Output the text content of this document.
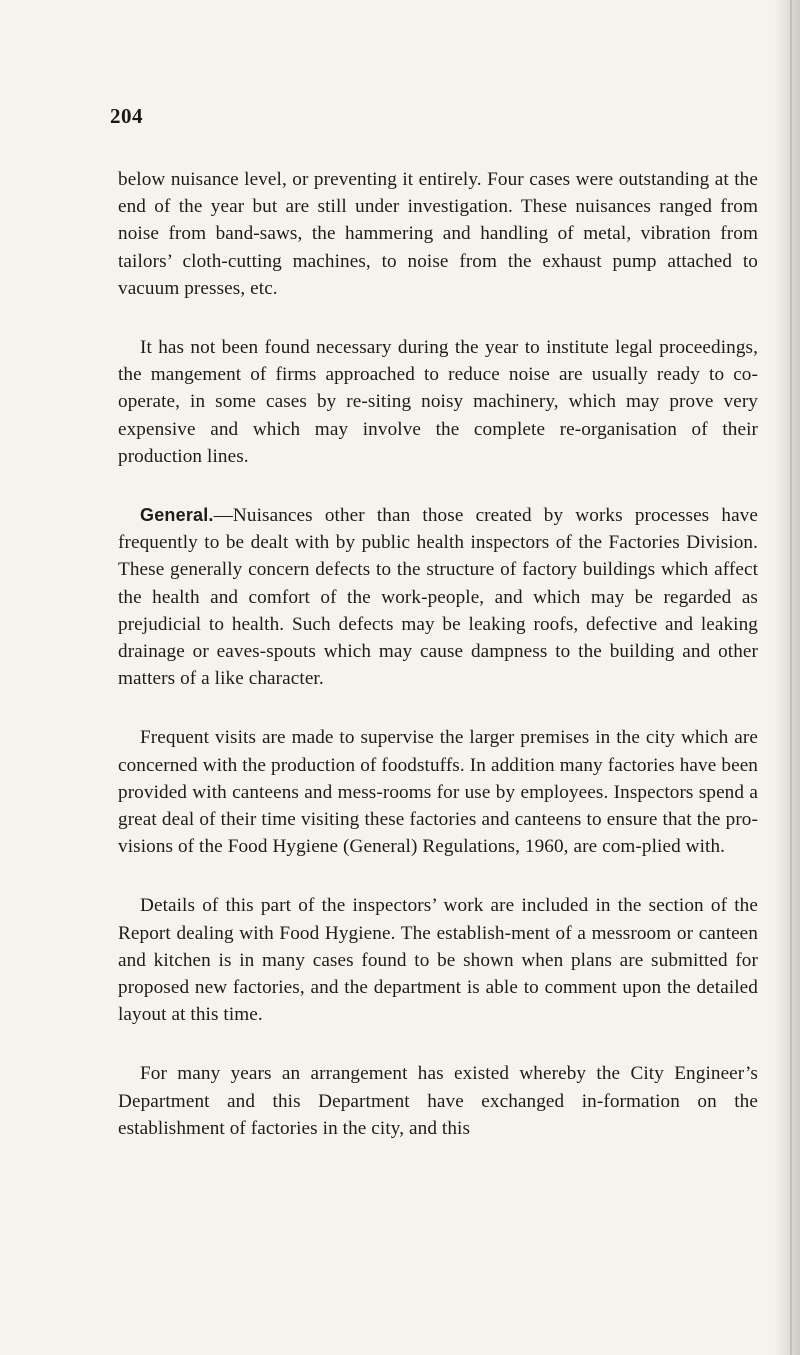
204

below nuisance level, or preventing it entirely. Four cases were outstanding at the end of the year but are still under investigation. These nuisances ranged from noise from band-saws, the hammering and handling of metal, vibration from tailors’ cloth-cutting machines, to noise from the exhaust pump attached to vacuum presses, etc.

It has not been found necessary during the year to institute legal proceedings, the mangement of firms approached to reduce noise are usually ready to co-operate, in some cases by re-siting noisy machinery, which may prove very expensive and which may involve the complete re-organisation of their production lines.

General.—Nuisances other than those created by works processes have frequently to be dealt with by public health inspectors of the Factories Division. These generally concern defects to the structure of factory buildings which affect the health and comfort of the work-people, and which may be regarded as prejudicial to health. Such defects may be leaking roofs, defective and leaking drainage or eaves-spouts which may cause dampness to the building and other matters of a like character.

Frequent visits are made to supervise the larger premises in the city which are concerned with the production of foodstuffs. In addition many factories have been provided with canteens and mess-rooms for use by employees. Inspectors spend a great deal of their time visiting these factories and canteens to ensure that the pro-visions of the Food Hygiene (General) Regulations, 1960, are com-plied with.

Details of this part of the inspectors’ work are included in the section of the Report dealing with Food Hygiene. The establish-ment of a messroom or canteen and kitchen is in many cases found to be shown when plans are submitted for proposed new factories, and the department is able to comment upon the detailed layout at this time.

For many years an arrangement has existed whereby the City Engineer’s Department and this Department have exchanged in-formation on the establishment of factories in the city, and this
